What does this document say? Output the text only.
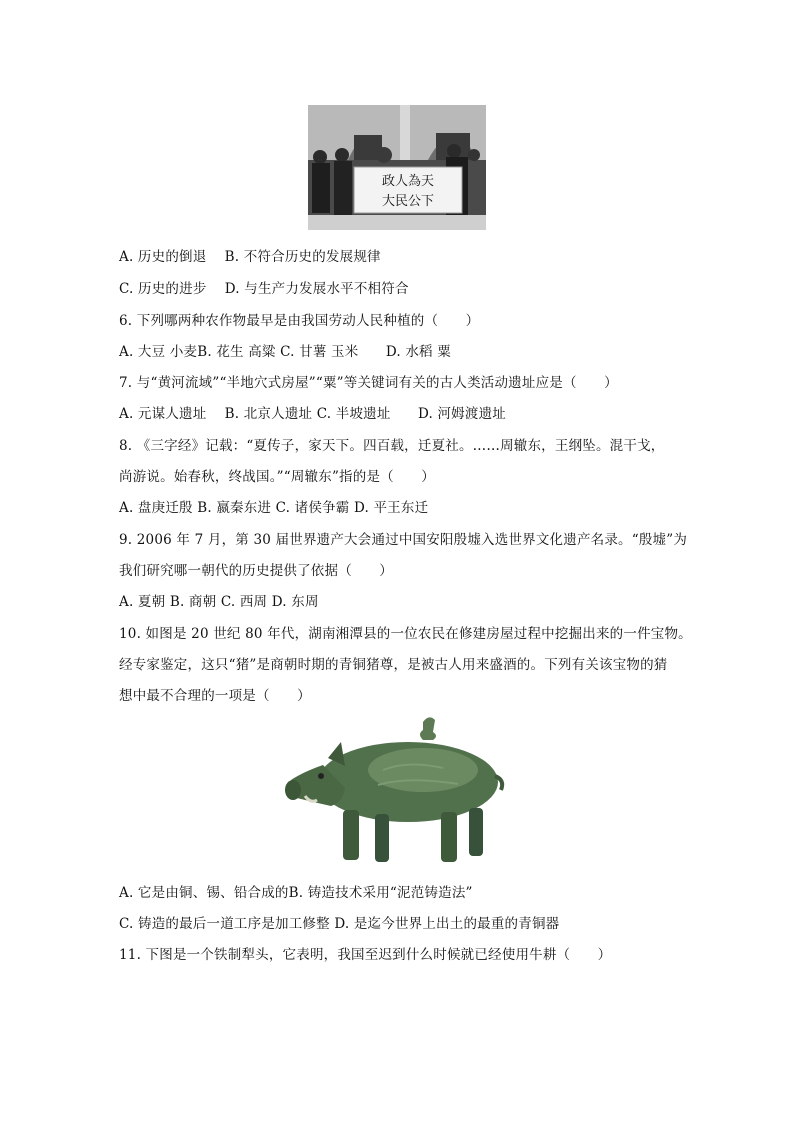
政人為天
大民公下
A. 历史的倒退　 B. 不符合历史的发展规律
C. 历史的进步　 D. 与生产力发展水平不相符合
6. 下列哪两种农作物最早是由我国劳动人民种植的（　　）
A. 大豆 小麦B. 花生 高粱 C. 甘薯 玉米　　D. 水稻 粟
7. 与“黄河流域”“半地穴式房屋”“粟”等关键词有关的古人类活动遗址应是（　　）
A. 元谋人遗址　 B. 北京人遗址 C. 半坡遗址　　D. 河姆渡遗址
8. 《三字经》记载：“夏传子，家天下。四百载，迁夏社。……周辙东，王纲坠。混干戈，
尚游说。始春秋，终战国。”“周辙东”指的是（　　）
A. 盘庚迁殷 B. 嬴秦东进 C. 诸侯争霸 D. 平王东迁
9. 2006 年 7 月，第 30 届世界遗产大会通过中国安阳殷墟入选世界文化遗产名录。“殷墟”为
我们研究哪一朝代的历史提供了依据（　　）
A. 夏朝 B. 商朝 C. 西周 D. 东周
10. 如图是 20 世纪 80 年代，湖南湘潭县的一位农民在修建房屋过程中挖掘出来的一件宝物。
经专家鉴定，这只“猪”是商朝时期的青铜猪尊，是被古人用来盛酒的。下列有关该宝物的猜
想中最不合理的一项是（　　）
A. 它是由铜、锡、铅合成的B. 铸造技术采用“泥范铸造法”
C. 铸造的最后一道工序是加工修整 D. 是迄今世界上出土的最重的青铜器
11. 下图是一个铁制犁头，它表明，我国至迟到什么时候就已经使用牛耕（　　）
